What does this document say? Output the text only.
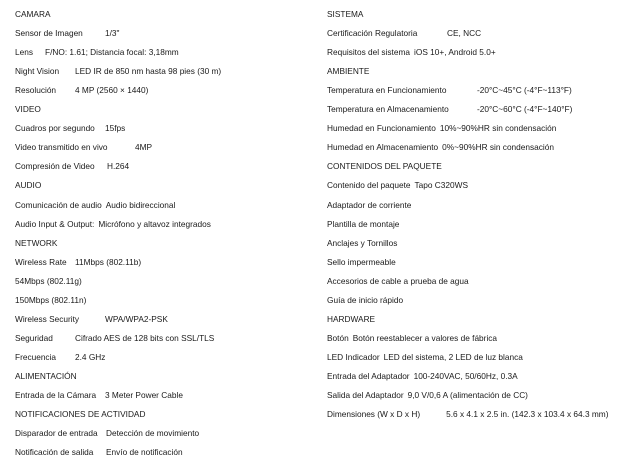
CAMARA
Sensor de Imagen	1/3"
Lens F/NO: 1.61; Distancia focal: 3,18mm
Night Vision LED IR de 850 nm hasta 98 pies (30 m)
Resolución 4 MP (2560 × 1440)
VIDEO
Cuadros por segundo 15fps
Video transmitido en vivo	4MP
Compresión de Video H.264
AUDIO
Comunicación de audio Audio bidireccional
Audio Input & Output: Micrófono y altavoz integrados
NETWORK
Wireless Rate 11Mbps (802.11b)
54Mbps (802.11g)
150Mbps (802.11n)
Wireless Security	WPA/WPA2-PSK
Seguridad	Cifrado AES de 128 bits con SSL/TLS
Frecuencia 2.4 GHz
ALIMENTACIÓN
Entrada de la Cámara 3 Meter Power Cable
NOTIFICACIONES DE ACTIVIDAD
Disparador de entrada Detección de movimiento
Notificación de salida Envío de notificación
SISTEMA
Certificación Regulatoria	CE, NCC
Requisitos del sistema iOS 10+, Android 5.0+
AMBIENTE
Temperatura en Funcionamiento	-20°C~45°C (-4°F~113°F)
Temperatura en Almacenamiento	-20°C~60°C (-4°F~140°F)
Humedad en Funcionamiento 10%~90%HR sin condensación
Humedad en Almacenamiento 0%~90%HR sin condensación
CONTENIDOS DEL PAQUETE
Contenido del paquete Tapo C320WS
Adaptador de corriente
Plantilla de montaje
Anclajes y Tornillos
Sello impermeable
Accesorios de cable a prueba de agua
Guía de inicio rápido
HARDWARE
Botón Botón reestablecer a valores de fábrica
LED Indicador LED del sistema, 2 LED de luz blanca
Entrada del Adaptador 100-240VAC, 50/60Hz, 0.3A
Salida del Adaptador 9,0 V/0,6 A (alimentación de CC)
Dimensiones (W x D x H)	5.6 x 4.1 x 2.5 in. (142.3 x 103.4 x 64.3 mm)
